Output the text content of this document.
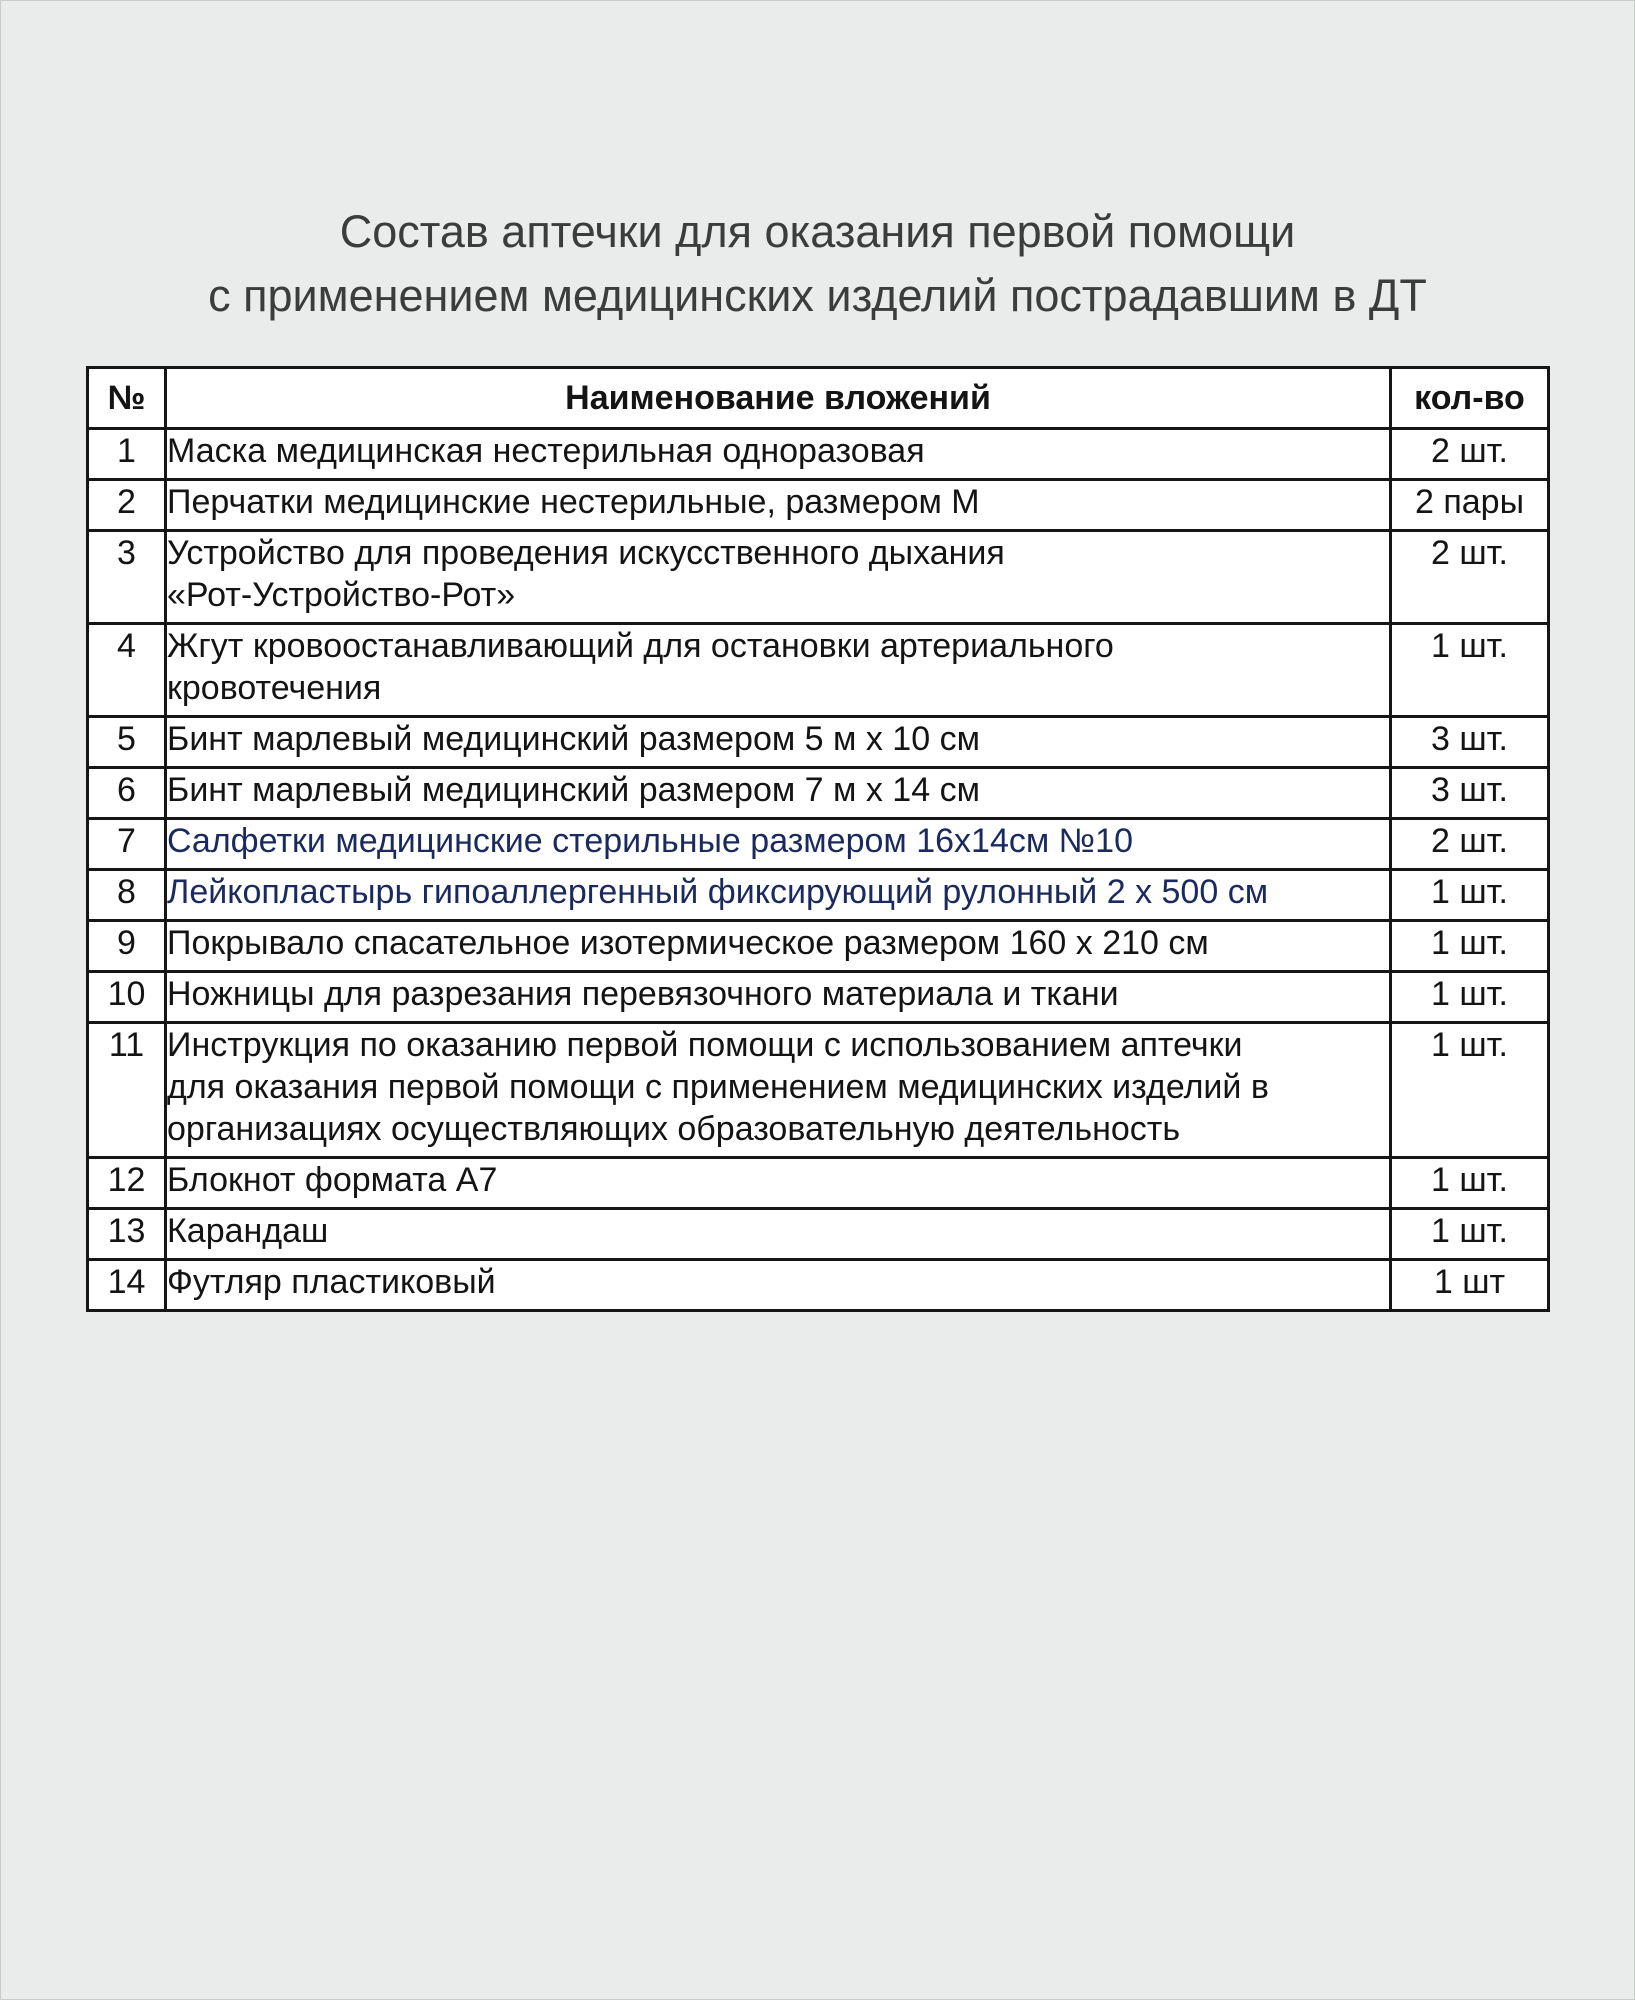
Состав аптечки для оказания первой помощи
с применением медицинских изделий пострадавшим в ДТ
№	Наименование вложений	кол-во
1	Маска медицинская нестерильная одноразовая	2 шт.
2	Перчатки медицинские нестерильные, размером М	2 пары
3	Устройство для проведения искусственного дыхания
«Рот-Устройство-Рот»	2 шт.
4	Жгут кровоостанавливающий для остановки артериального
кровотечения	1 шт.
5	Бинт марлевый медицинский размером 5 м x 10 см	3 шт.
6	Бинт марлевый медицинский размером 7 м x 14 см	3 шт.
7	Салфетки медицинские стерильные размером 16x14см №10	2 шт.
8	Лейкопластырь гипоаллергенный фиксирующий рулонный 2 x 500 см	1 шт.
9	Покрывало спасательное изотермическое размером 160 x 210 см	1 шт.
10	Ножницы для разрезания перевязочного материала и ткани	1 шт.
11	Инструкция по оказанию первой помощи с использованием аптечки
для оказания первой помощи с применением медицинских изделий в
организациях осуществляющих образовательную деятельность	1 шт.
12	Блокнот формата А7	1 шт.
13	Карандаш	1 шт.
14	Футляр пластиковый	1 шт
